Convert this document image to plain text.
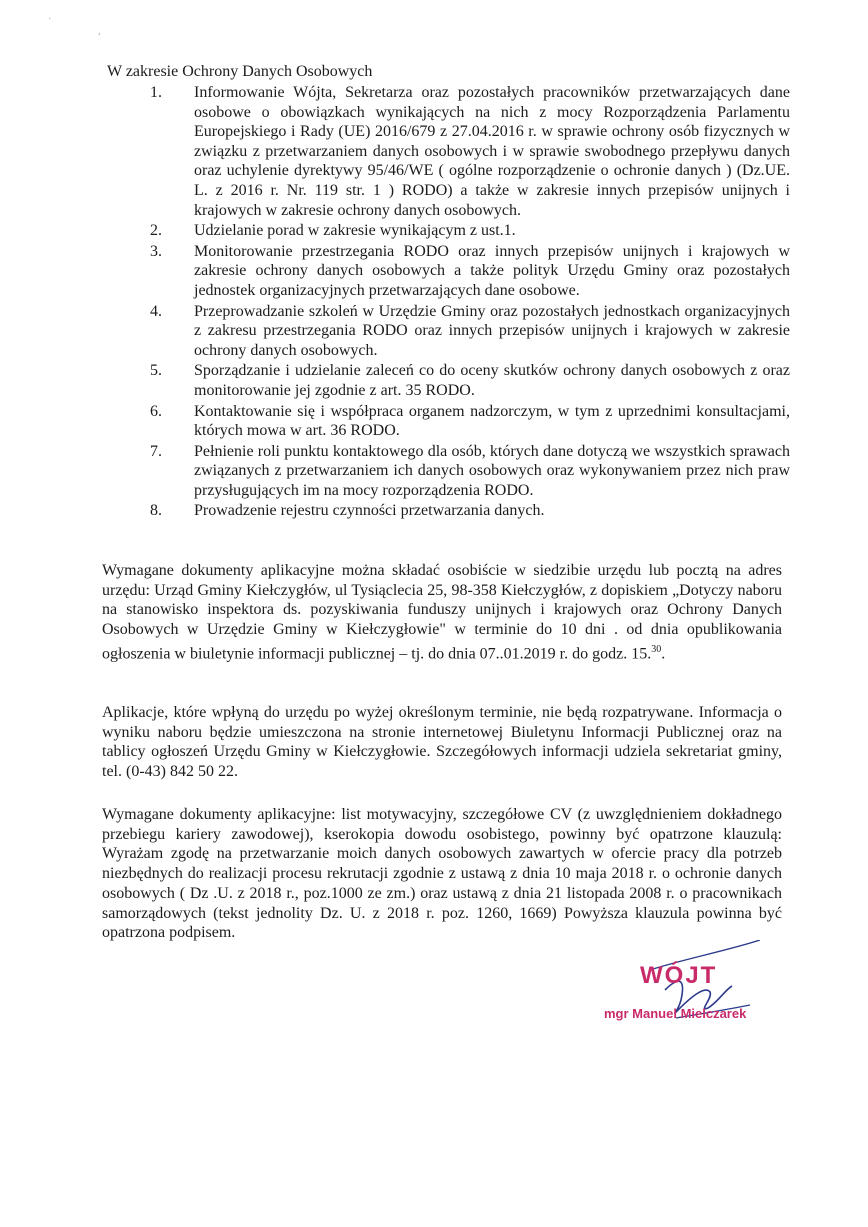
·
,
W zakresie Ochrony Danych Osobowych
1.	Informowanie Wójta, Sekretarza oraz pozostałych pracowników przetwarzających dane osobowe o obowiązkach wynikających na nich z mocy Rozporządzenia Parlamentu Europejskiego i Rady (UE) 2016/679 z 27.04.2016 r. w sprawie ochrony osób fizycznych w związku z przetwarzaniem danych osobowych i w sprawie swobodnego przepływu danych oraz uchylenie dyrektywy 95/46/WE ( ogólne rozporządzenie o ochronie danych ) (Dz.UE. L. z 2016 r. Nr. 119 str. 1 ) RODO) a także w zakresie innych przepisów unijnych i krajowych w zakresie ochrony danych osobowych.
2.	Udzielanie porad w zakresie wynikającym z ust.1.
3.	Monitorowanie przestrzegania RODO oraz innych przepisów unijnych i krajowych w zakresie ochrony danych osobowych a także polityk Urzędu Gminy oraz pozostałych jednostek organizacyjnych przetwarzających dane osobowe.
4.	Przeprowadzanie szkoleń w Urzędzie Gminy oraz pozostałych jednostkach organizacyjnych z zakresu przestrzegania RODO oraz innych przepisów unijnych i krajowych w zakresie ochrony danych osobowych.
5.	Sporządzanie i udzielanie zaleceń co do oceny skutków ochrony danych osobowych z oraz monitorowanie jej zgodnie z art. 35 RODO.
6.	Kontaktowanie się i współpraca organem nadzorczym, w tym z uprzednimi konsultacjami, których mowa w art. 36 RODO.
7.	Pełnienie roli punktu kontaktowego dla osób, których dane dotyczą we wszystkich sprawach związanych z przetwarzaniem ich danych osobowych oraz wykonywaniem przez nich praw przysługujących im na mocy rozporządzenia RODO.
8.	Prowadzenie rejestru czynności przetwarzania danych.

Wymagane dokumenty aplikacyjne można składać osobiście w siedzibie urzędu lub pocztą na adres urzędu: Urząd Gminy Kiełczygłów, ul Tysiąclecia 25, 98-358 Kiełczygłów, z dopiskiem „Dotyczy naboru na stanowisko inspektora ds. pozyskiwania funduszy unijnych i krajowych oraz Ochrony Danych Osobowych w Urzędzie Gminy w Kiełczygłowie" w terminie do 10 dni . od dnia opublikowania ogłoszenia w biuletynie informacji publicznej – tj. do dnia 07..01.2019 r. do godz. 15.30.

Aplikacje, które wpłyną do urzędu po wyżej określonym terminie, nie będą rozpatrywane. Informacja o wyniku naboru będzie umieszczona na stronie internetowej Biuletynu Informacji Publicznej oraz na tablicy ogłoszeń Urzędu Gminy w Kiełczygłowie. Szczegółowych informacji udziela sekretariat gminy, tel. (0-43) 842 50 22.

Wymagane dokumenty aplikacyjne: list motywacyjny, szczegółowe CV (z uwzględnieniem dokładnego przebiegu kariery zawodowej), kserokopia dowodu osobistego, powinny być opatrzone klauzulą: Wyrażam zgodę na przetwarzanie moich danych osobowych zawartych w ofercie pracy dla potrzeb niezbędnych do realizacji procesu rekrutacji zgodnie z ustawą z dnia 10 maja 2018 r. o ochronie danych osobowych ( Dz .U. z 2018 r., poz.1000 ze zm.) oraz ustawą z dnia 21 listopada 2008 r. o pracownikach samorządowych (tekst jednolity Dz. U. z 2018 r. poz. 1260, 1669) Powyższa klauzula powinna być opatrzona podpisem.

WÓJT
mgr Manuel Mielczarek
